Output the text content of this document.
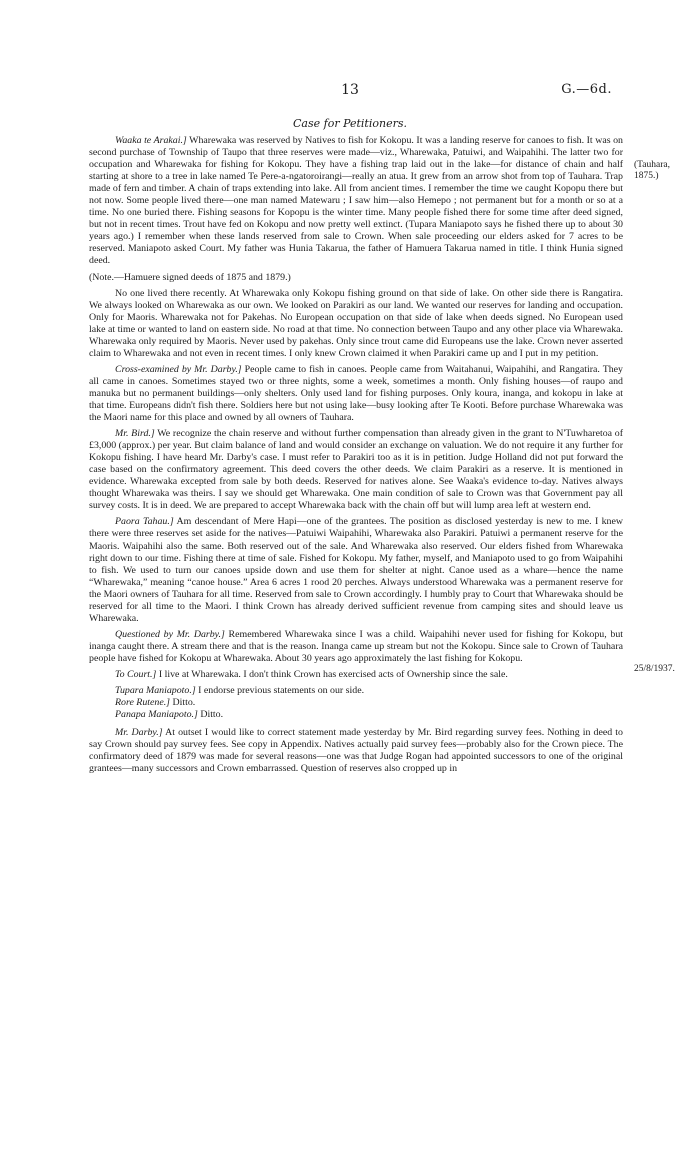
13	G.—6d.
Case for Petitioners.
(Tauhara, 1875.)
25/8/1937.

Waaka te Arakai.] Wharewaka was reserved by Natives to fish for Kokopu. It was a landing reserve for canoes to fish. It was on second purchase of Township of Taupo that three reserves were made—viz., Wharewaka, Patuiwi, and Waipahihi. The latter two for occupation and Wharewaka for fishing for Kokopu. They have a fishing trap laid out in the lake—for distance of chain and half starting at shore to a tree in lake named Te Pere-a-ngatoroirangi—really an atua. It grew from an arrow shot from top of Tauhara. Trap made of fern and timber. A chain of traps extending into lake. All from ancient times. I remember the time we caught Kopopu there but not now. Some people lived there—one man named Matewaru ; I saw him—also Hemepo ; not permanent but for a month or so at a time. No one buried there. Fishing seasons for Kopopu is the winter time. Many people fished there for some time after deed signed, but not in recent times. Trout have fed on Kokopu and now pretty well extinct. (Tupara Maniapoto says he fished there up to about 30 years ago.) I remember when these lands reserved from sale to Crown. When sale proceeding our elders asked for 7 acres to be reserved. Maniapoto asked Court. My father was Hunia Takarua, the father of Hamuera Takarua named in title. I think Hunia signed deed.

(Note.—Hamuere signed deeds of 1875 and 1879.)

No one lived there recently. At Wharewaka only Kokopu fishing ground on that side of lake. On other side there is Rangatira. We always looked on Wharewaka as our own. We looked on Parakiri as our land. We wanted our reserves for landing and occupation. Only for Maoris. Wharewaka not for Pakehas. No European occupation on that side of lake when deeds signed. No European used lake at time or wanted to land on eastern side. No road at that time. No connection between Taupo and any other place via Wharewaka. Wharewaka only required by Maoris. Never used by pakehas. Only since trout came did Europeans use the lake. Crown never asserted claim to Wharewaka and not even in recent times. I only knew Crown claimed it when Parakiri came up and I put in my petition.

Cross-examined by Mr. Darby.] People came to fish in canoes. People came from Waitahanui, Waipahihi, and Rangatira. They all came in canoes. Sometimes stayed two or three nights, some a week, sometimes a month. Only fishing houses—of raupo and manuka but no permanent buildings—only shelters. Only used land for fishing purposes. Only koura, inanga, and kokopu in lake at that time. Europeans didn't fish there. Soldiers here but not using lake—busy looking after Te Kooti. Before purchase Wharewaka was the Maori name for this place and owned by all owners of Tauhara.

Mr. Bird.] We recognize the chain reserve and without further compensation than already given in the grant to N'Tuwharetoa of £3,000 (approx.) per year. But claim balance of land and would consider an exchange on valuation. We do not require it any further for Kokopu fishing. I have heard Mr. Darby's case. I must refer to Parakiri too as it is in petition. Judge Holland did not put forward the case based on the confirmatory agreement. This deed covers the other deeds. We claim Parakiri as a reserve. It is mentioned in evidence. Wharewaka excepted from sale by both deeds. Reserved for natives alone. See Waaka's evidence to-day. Natives always thought Wharewaka was theirs. I say we should get Wharewaka. One main condition of sale to Crown was that Government pay all survey costs. It is in deed. We are prepared to accept Wharewaka back with the chain off but will lump area left at western end.

Paora Tahau.] Am descendant of Mere Hapi—one of the grantees. The position as disclosed yesterday is new to me. I knew there were three reserves set aside for the natives—Patuiwi Waipahihi, Wharewaka also Parakiri. Patuiwi a permanent reserve for the Maoris. Waipahihi also the same. Both reserved out of the sale. And Wharewaka also reserved. Our elders fished from Wharewaka right down to our time. Fishing there at time of sale. Fished for Kokopu. My father, myself, and Maniapoto used to go from Waipahihi to fish. We used to turn our canoes upside down and use them for shelter at night. Canoe used as a whare—hence the name “Wharewaka,” meaning “canoe house.” Area 6 acres 1 rood 20 perches. Always understood Wharewaka was a permanent reserve for the Maori owners of Tauhara for all time. Reserved from sale to Crown accordingly. I humbly pray to Court that Wharewaka should be reserved for all time to the Maori. I think Crown has already derived sufficient revenue from camping sites and should leave us Wharewaka.

Questioned by Mr. Darby.] Remembered Wharewaka since I was a child. Waipahihi never used for fishing for Kokopu, but inanga caught there. A stream there and that is the reason. Inanga came up stream but not the Kokopu. Since sale to Crown of Tauhara people have fished for Kokopu at Wharewaka. About 30 years ago approximately the last fishing for Kokopu.

To Court.] I live at Wharewaka. I don't think Crown has exercised acts of Ownership since the sale.

Tupara Maniapoto.] I endorse previous statements on our side.

Rore Rutene.] Ditto.

Panapa Maniapoto.] Ditto.

Mr. Darby.] At outset I would like to correct statement made yesterday by Mr. Bird regarding survey fees. Nothing in deed to say Crown should pay survey fees. See copy in Appendix. Natives actually paid survey fees—probably also for the Crown piece. The confirmatory deed of 1879 was made for several reasons—one was that Judge Rogan had appointed successors to one of the original grantees—many successors and Crown embarrassed. Question of reserves also cropped up in
